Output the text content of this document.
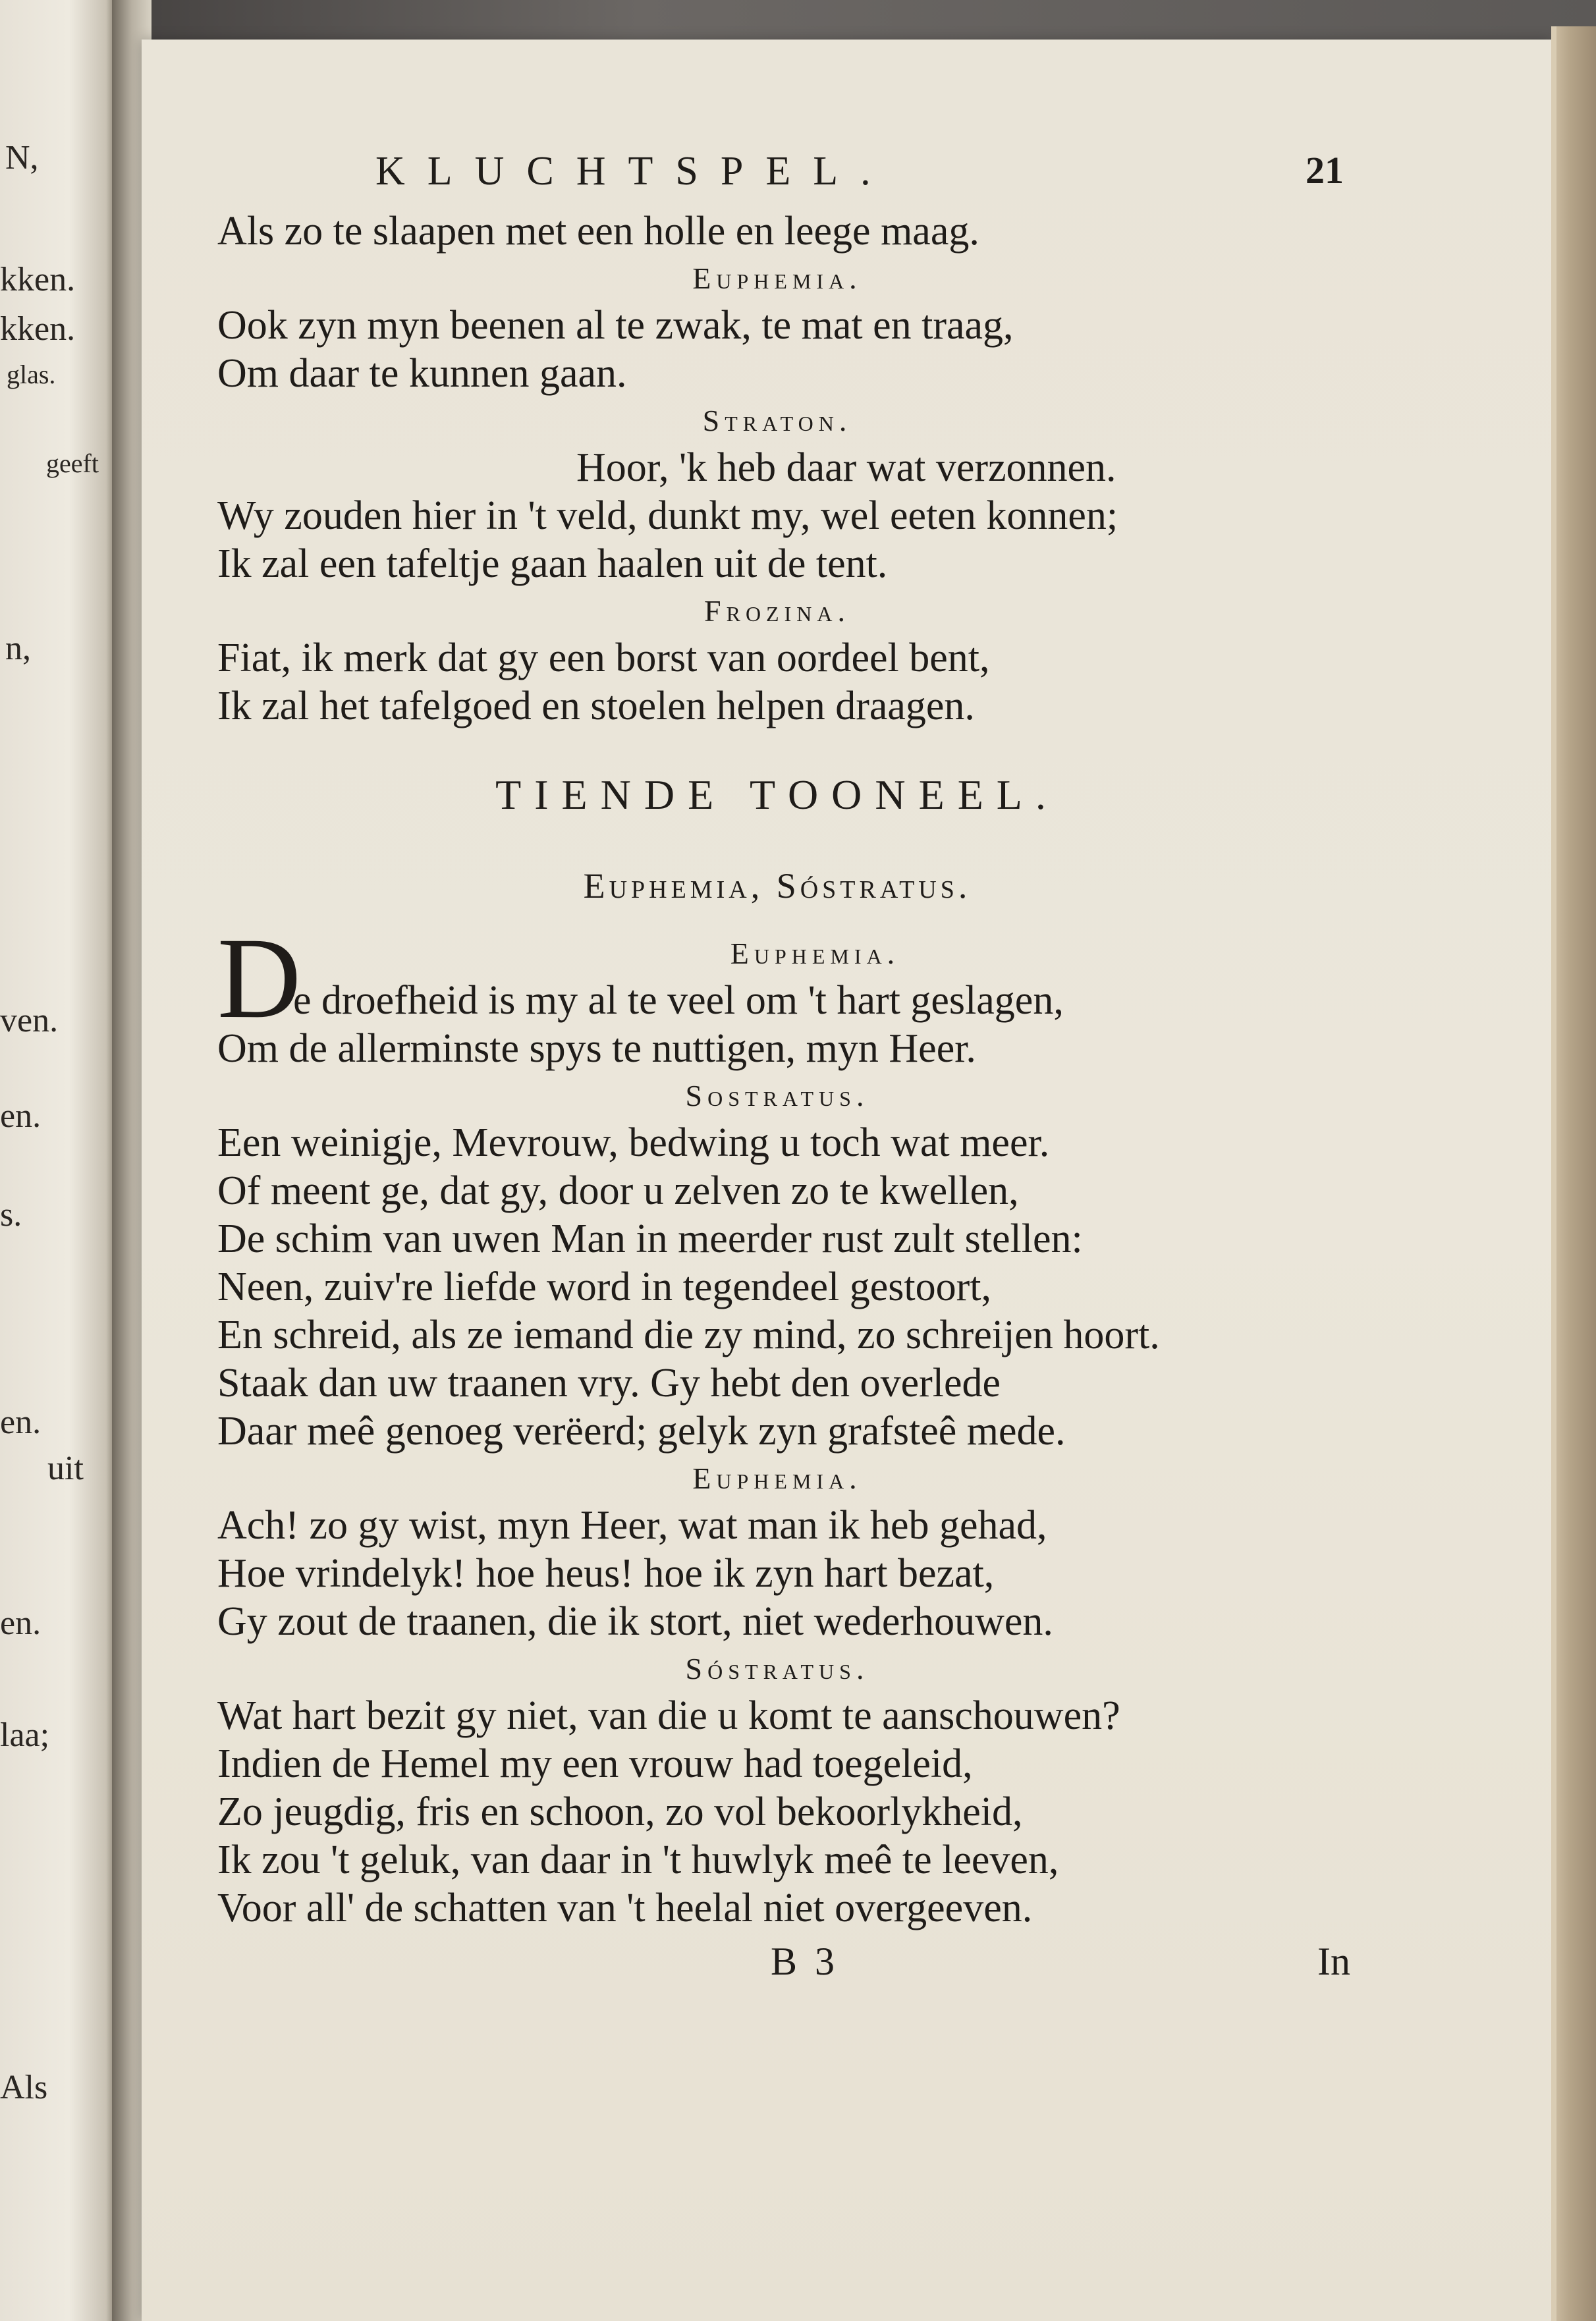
N,
kken.
kken.
glas.
geeft
n,
ven.
en.
s.
en.
uit
en.
laa;
Als
KLUCHTSPEL.	21
Als zo te slaapen met een holle en leege maag.
Euphemia.
Ook zyn myn beenen al te zwak, te mat en traag,
Om daar te kunnen gaan.
Straton.
Hoor, 'k heb daar wat verzonnen.
Wy zouden hier in 't veld, dunkt my, wel eeten konnen;
Ik zal een tafeltje gaan haalen uit de tent.
Frozina.
Fiat, ik merk dat gy een borst van oordeel bent,
Ik zal het tafelgoed en stoelen helpen draagen.
TIENDE TOONEEL.
Euphemia, Sóstratus.
D	Euphemia.
e droefheid is my al te veel om 't hart geslagen,
Om de allerminste spys te nuttigen, myn Heer.
Sostratus.
Een weinigje, Mevrouw, bedwing u toch wat meer.
Of meent ge, dat gy, door u zelven zo te kwellen,
De schim van uwen Man in meerder rust zult stellen:
Neen, zuiv're liefde word in tegendeel gestoort,
En schreid, als ze iemand die zy mind, zo schreijen hoort.
Staak dan uw traanen vry. Gy hebt den overlede
Daar meê genoeg verëerd; gelyk zyn grafsteê mede.
Euphemia.
Ach! zo gy wist, myn Heer, wat man ik heb gehad,
Hoe vrindelyk! hoe heus! hoe ik zyn hart bezat,
Gy zout de traanen, die ik stort, niet wederhouwen.
Sóstratus.
Wat hart bezit gy niet, van die u komt te aanschouwen?
Indien de Hemel my een vrouw had toegeleid,
Zo jeugdig, fris en schoon, zo vol bekoorlykheid,
Ik zou 't geluk, van daar in 't huwlyk meê te leeven,
Voor all' de schatten van 't heelal niet overgeeven.
B 3	In
